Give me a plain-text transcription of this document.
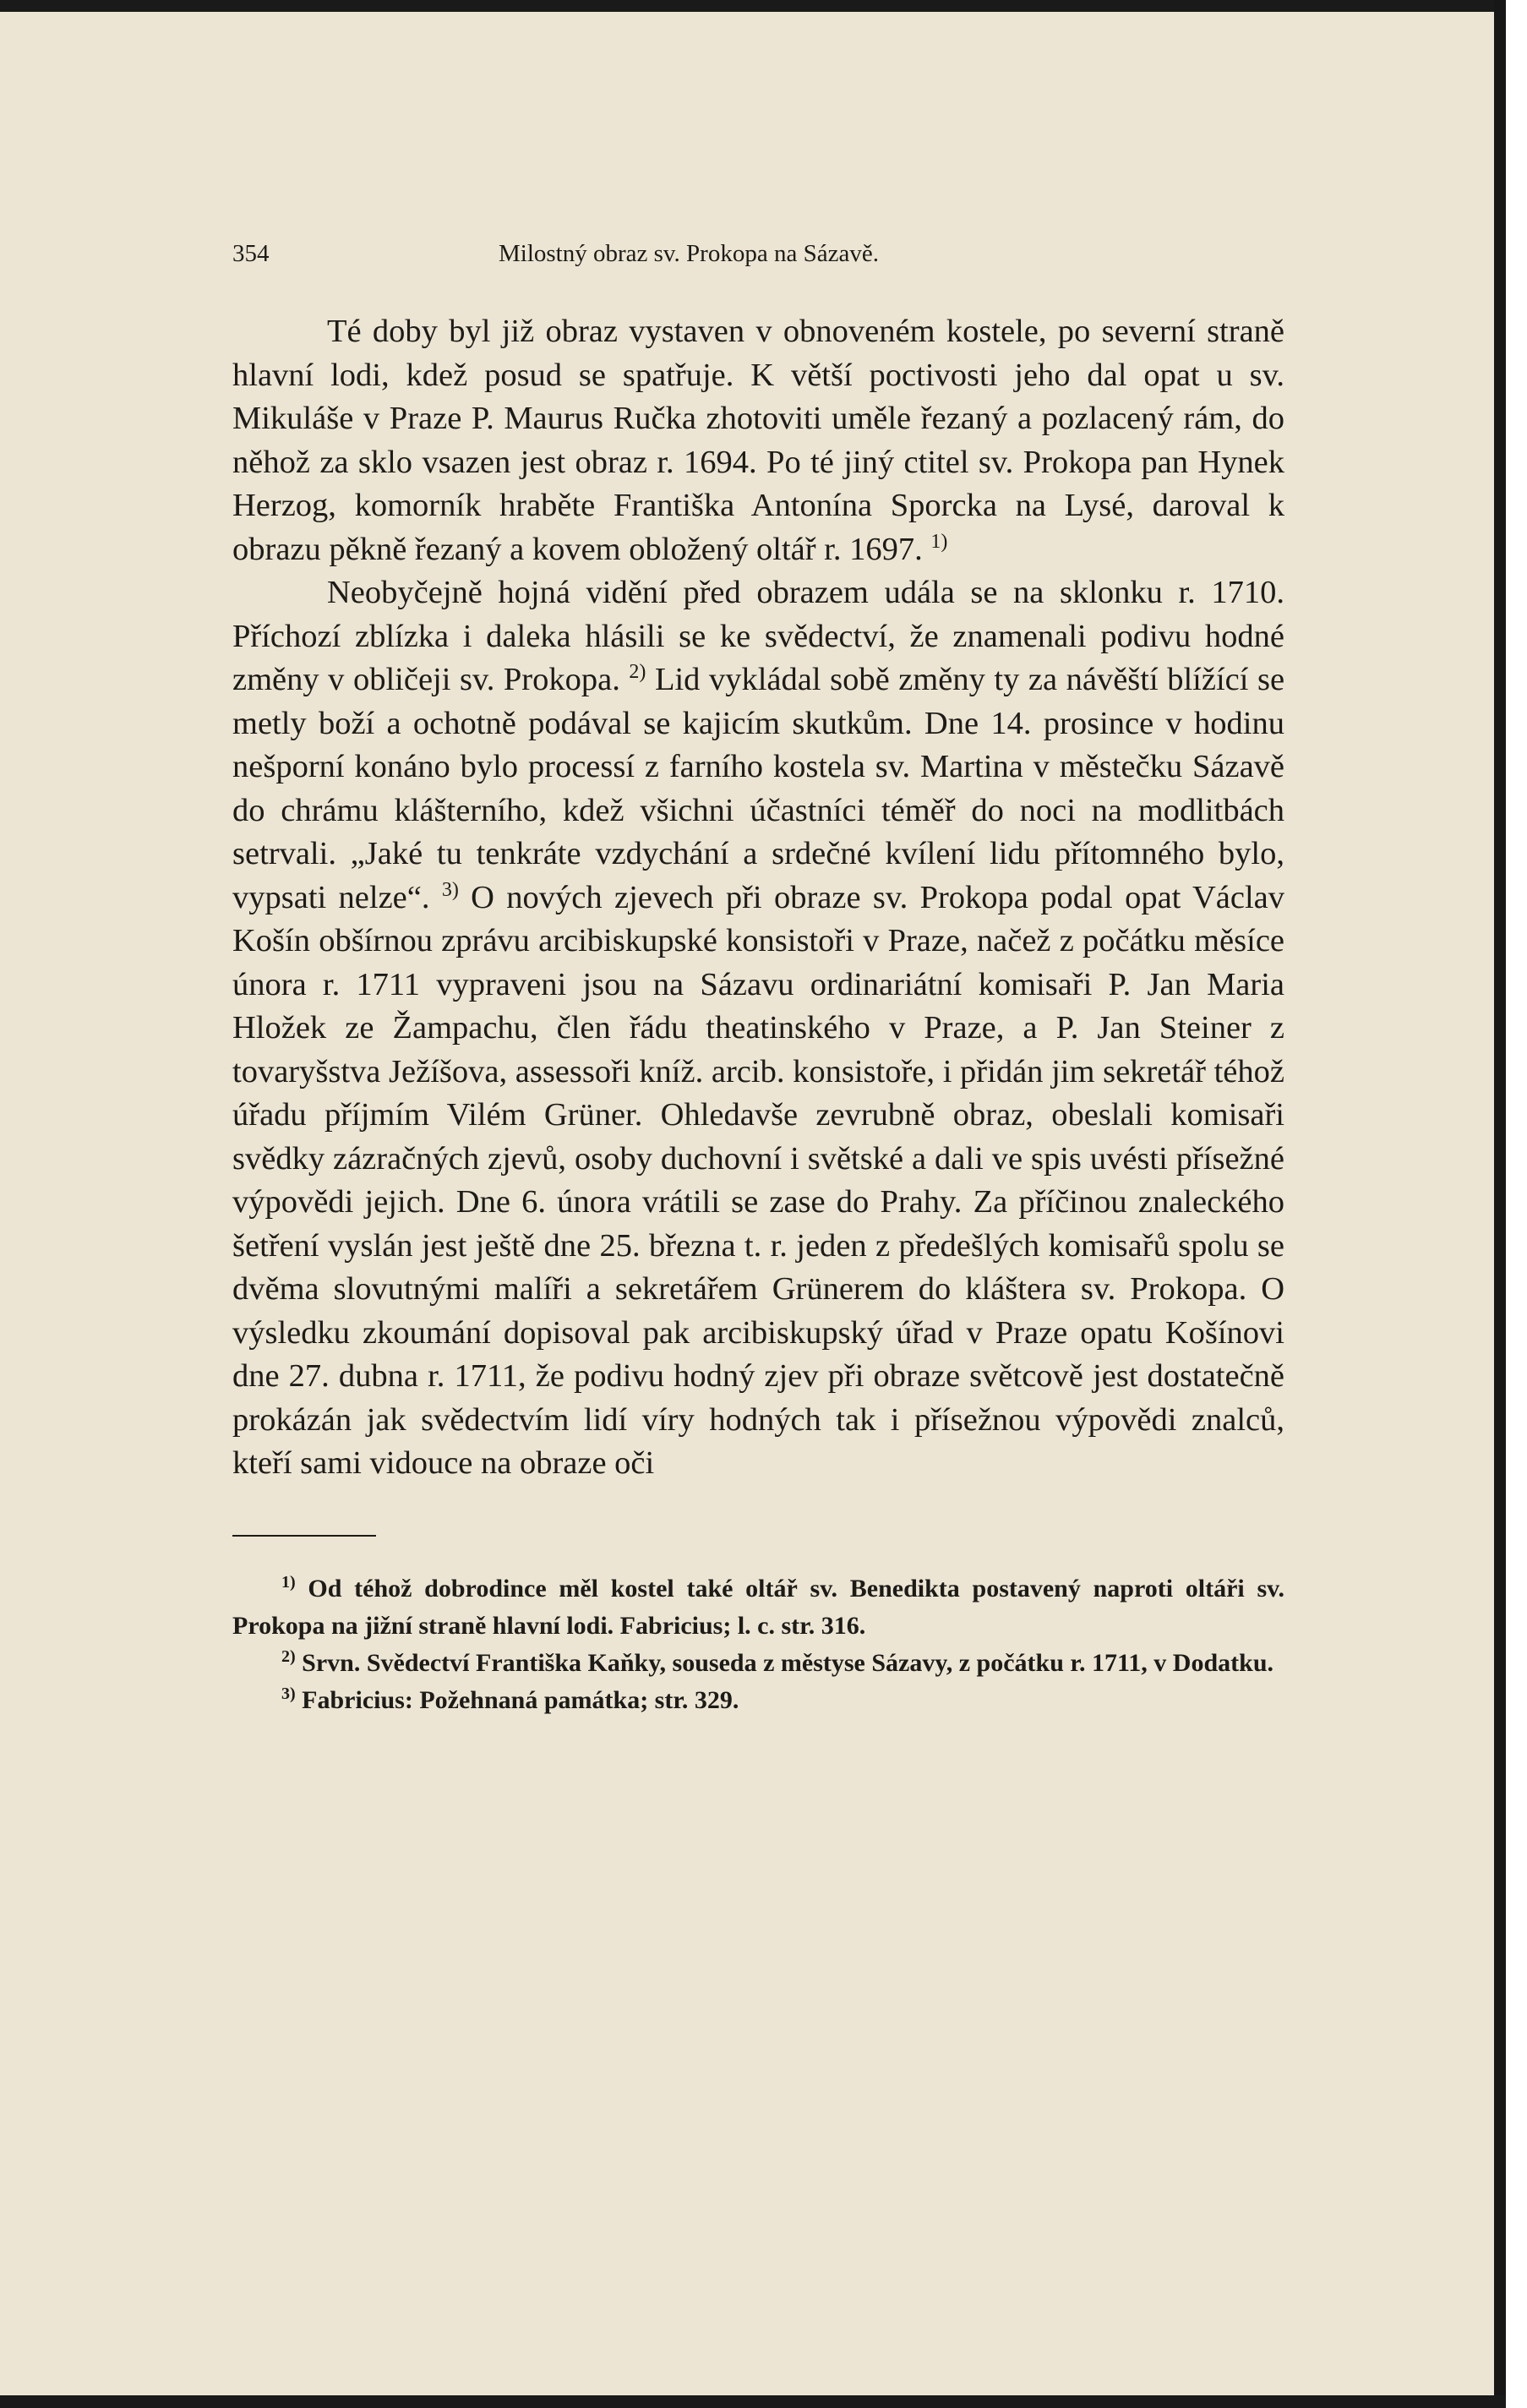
354	Milostný obraz sv. Prokopa na Sázavě.

Té doby byl již obraz vystaven v obnoveném kostele, po severní straně hlavní lodi, kdež posud se spatřuje. K větší poctivosti jeho dal opat u sv. Mikuláše v Praze P. Maurus Ručka zhotoviti uměle řezaný a pozlacený rám, do něhož za sklo vsazen jest obraz r. 1694. Po té jiný ctitel sv. Prokopa pan Hynek Herzog, komorník hraběte Františka Antonína Sporcka na Lysé, daroval k obrazu pěkně řezaný a kovem obložený oltář r. 1697. $^{1)}$

Neobyčejně hojná vidění před obrazem udála se na sklonku r. 1710. Příchozí zblízka i daleka hlásili se ke svědectví, že znamenali podivu hodné změny v obličeji sv. Prokopa. $^{2)}$ Lid vykládal sobě změny ty za návěští blížící se metly boží a ochotně podával se kajicím skutkům. Dne 14. prosince v hodinu nešporní konáno bylo processí z farního kostela sv. Martina v městečku Sázavě do chrámu klášterního, kdež všichni účastníci téměř do noci na modlitbách setrvali. „Jaké tu tenkráte vzdychání a srdečné kvílení lidu přítomného bylo, vypsati nelze“. $^{3)}$ O nových zjevech při obraze sv. Prokopa podal opat Václav Košín obšírnou zprávu arcibiskupské konsistoři v Praze, načež z počátku měsíce února r. 1711 vypraveni jsou na Sázavu ordinariátní komisaři P. Jan Maria Hložek ze Žampachu, člen řádu theatinského v Praze, a P. Jan Steiner z tovaryšstva Ježíšova, assessoři kníž. arcib. konsistoře, i přidán jim sekretář téhož úřadu příjmím Vilém Grüner. Ohledavše zevrubně obraz, obeslali komisaři svědky zázračných zjevů, osoby duchovní i světské a dali ve spis uvésti přísežné výpovědi jejich. Dne 6. února vrátili se zase do Prahy. Za příčinou znaleckého šetření vyslán jest ještě dne 25. března t. r. jeden z předešlých komisařů spolu se dvěma slovutnými malíři a sekretářem Grünerem do kláštera sv. Prokopa. O výsledku zkoumání dopisoval pak arcibiskupský úřad v Praze opatu Košínovi dne 27. dubna r. 1711, že podivu hodný zjev při obraze světcově jest dostatečně prokázán jak svědectvím lidí víry hodných tak i přísežnou výpovědi znalců, kteří sami vidouce na obraze oči

$^{1)}$ Od téhož dobrodince měl kostel také oltář sv. Benedikta postavený naproti oltáři sv. Prokopa na jižní straně hlavní lodi. Fabricius; l. c. str. 316.

$^{2)}$ Srvn. Svědectví Františka Kaňky, souseda z městyse Sázavy, z počátku r. 1711, v Dodatku.

$^{3)}$ Fabricius: Požehnaná památka; str. 329.
